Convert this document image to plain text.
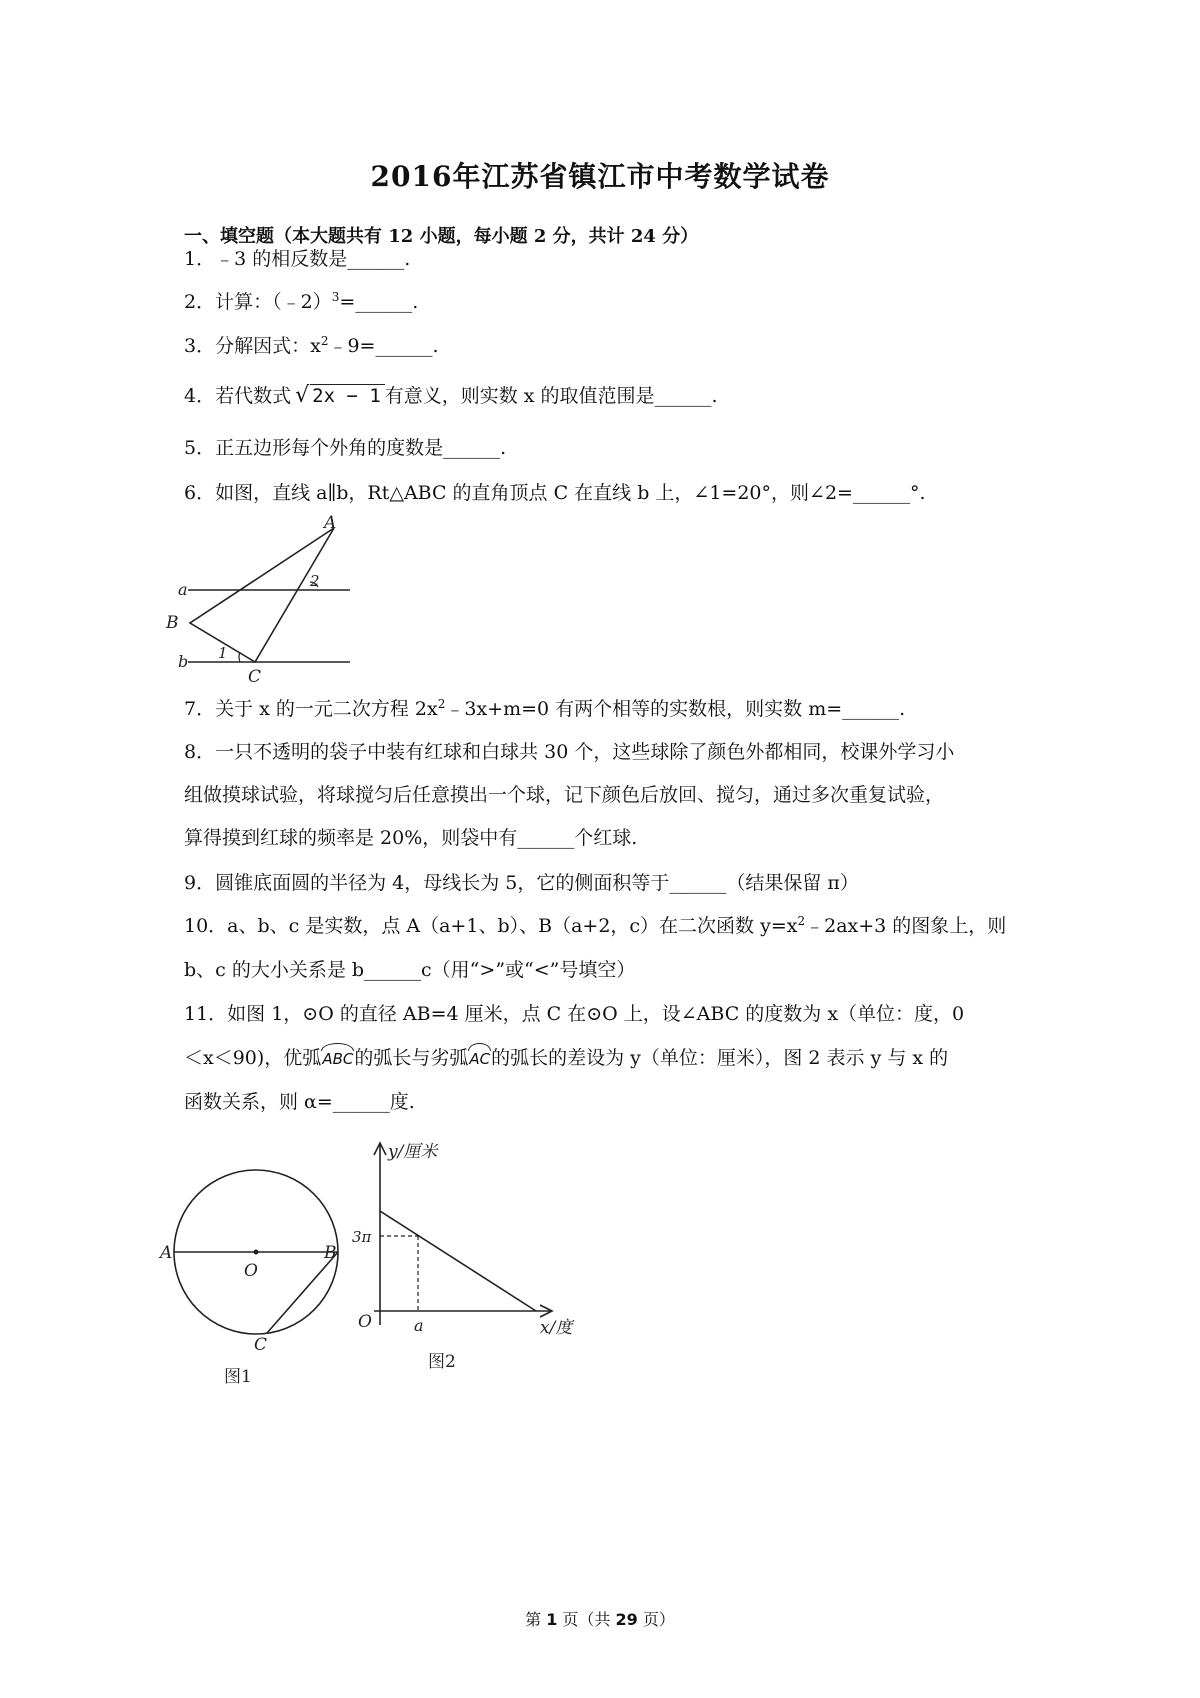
2016年江苏省镇江市中考数学试卷
一、填空题（本大题共有 12 小题，每小题 2 分，共计 24 分）
1．﹣3 的相反数是______.
2．计算：（﹣2）$^3$=______.
3．分解因式：$x^2﹣9=\_\_\_\_\_\_$.
4．若代数式 √ 2x − 1 有意义，则实数 x 的取值范围是______.
5．正五边形每个外角的度数是______.
6．如图，直线 a∥b，Rt△ABC 的直角顶点 C 在直线 b 上，∠1=20°，则∠2=______°.
A
B
C
a
b 1
2
7．关于 x 的一元二次方程 $2x^2﹣3x+m=0$ 有两个相等的实数根，则实数 m=______.
8．一只不透明的袋子中装有红球和白球共 30 个，这些球除了颜色外都相同，校课外学习小
组做摸球试验，将球搅匀后任意摸出一个球，记下颜色后放回、搅匀，通过多次重复试验，
算得摸到红球的频率是 20%，则袋中有______个红球.
9．圆锥底面圆的半径为 4，母线长为 5，它的侧面积等于______（结果保留 π）
10．a、b、c 是实数，点 A（a+1、b）、B（a+2，c）在二次函数 $y=x^2﹣2ax+3$ 的图象上，则
b、c 的大小关系是 b______c（用“>”或“<”号填空）
11．如图 1，⊙O 的直径 AB=4 厘米，点 C 在⊙O 上，设∠ABC 的度数为 x（单位：度，0
＜x＜90)，优弧ABC的弧长与劣弧AC的弧长的差设为 y（单位：厘米），图 2 表示 y 与 x 的
函数关系，则 α=______度.
A	B
C
O
图1
y/厘米
x/度
O
3π
a
图2
第 1 页（共 29 页）
